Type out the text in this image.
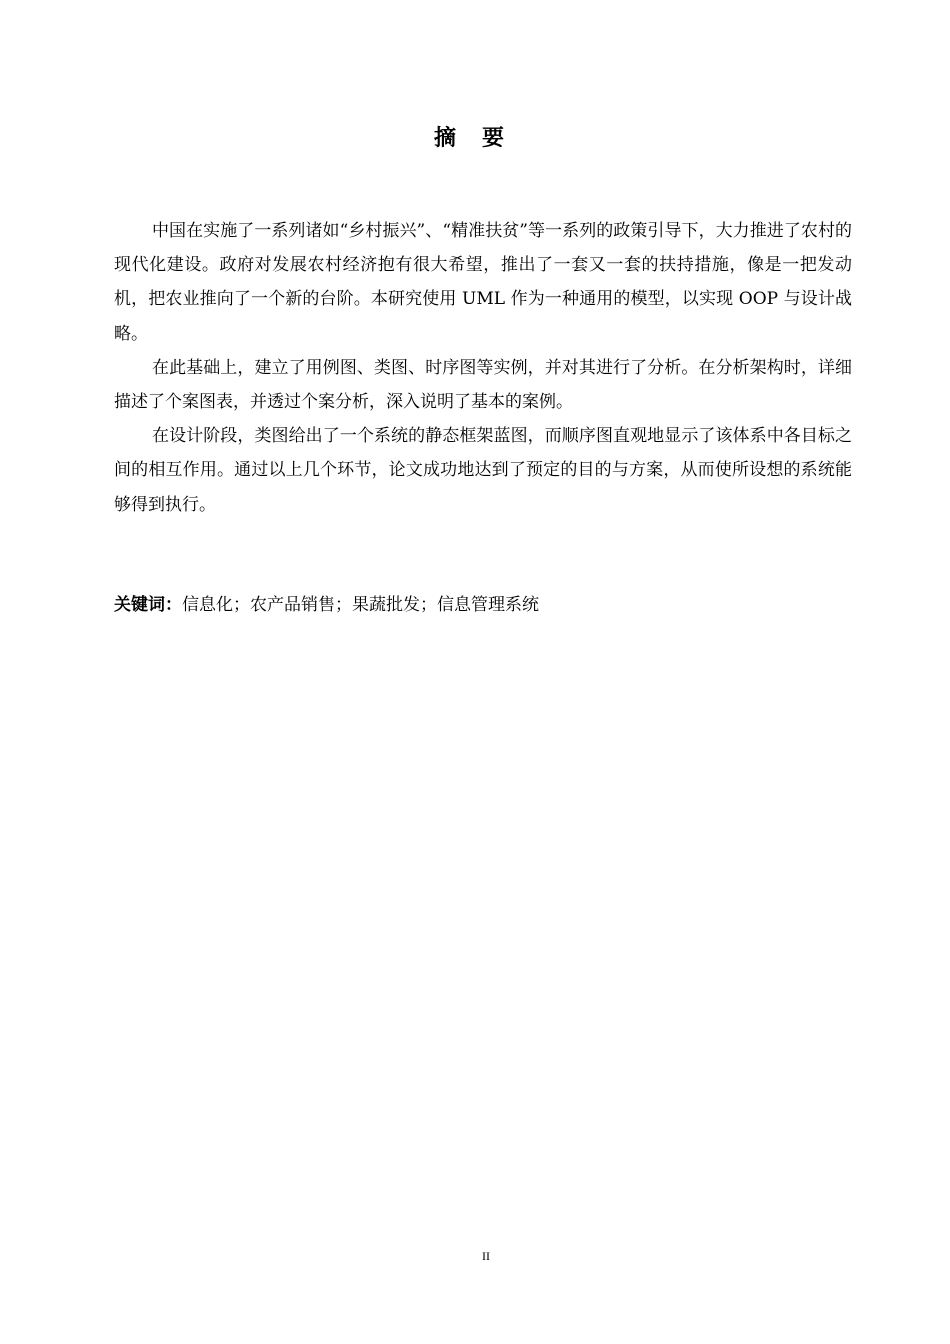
摘要

中国在实施了一系列诸如“乡村振兴”、“精准扶贫”等一系列的政策引导下，大力推进了农村的现代化建设。政府对发展农村经济抱有很大希望，推出了一套又一套的扶持措施，像是一把发动机，把农业推向了一个新的台阶。本研究使用 UML 作为一种通用的模型，以实现 OOP 与设计战略。

在此基础上，建立了用例图、类图、时序图等实例，并对其进行了分析。在分析架构时，详细描述了个案图表，并透过个案分析，深入说明了基本的案例。

在设计阶段，类图给出了一个系统的静态框架蓝图，而顺序图直观地显示了该体系中各目标之间的相互作用。通过以上几个环节，论文成功地达到了预定的目的与方案，从而使所设想的系统能够得到执行。

关键词：信息化；农产品销售；果蔬批发；信息管理系统
II
